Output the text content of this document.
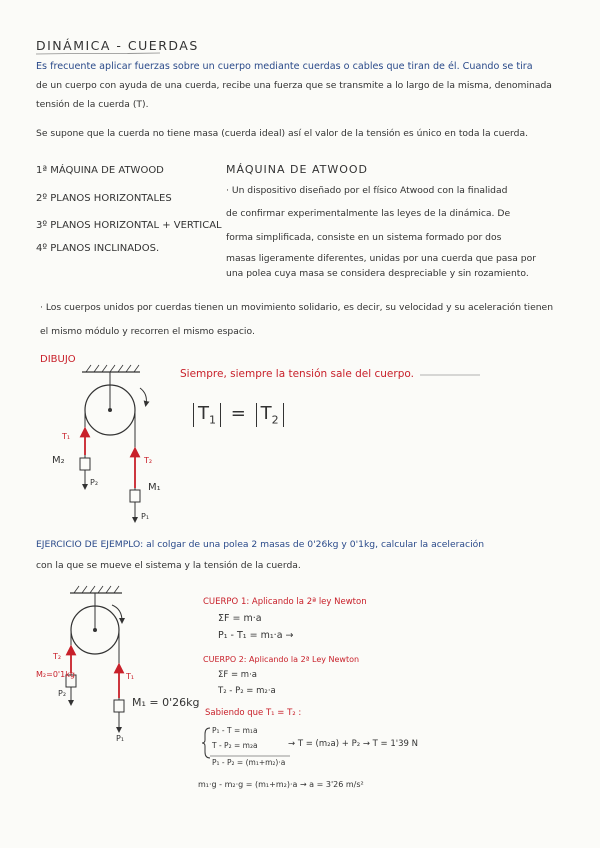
DINÁMICA - CUERDAS
Es frecuente aplicar fuerzas sobre un cuerpo mediante cuerdas o cables que tiran de él. Cuando se tira
de un cuerpo con ayuda de una cuerda, recibe una fuerza que se transmite a lo largo de la misma, denominada
tensión de la cuerda (T).
Se supone que la cuerda no tiene masa (cuerda ideal) así el valor de la tensión es único en toda la cuerda.
1ª MÁQUINA DE ATWOOD
2º PLANOS HORIZONTALES
3º PLANOS HORIZONTAL + VERTICAL
4º PLANOS INCLINADOS.
MÁQUINA DE ATWOOD
· Un dispositivo diseñado por el físico Atwood con la finalidad
de confirmar experimentalmente las leyes de la dinámica. De
forma simplificada, consiste en un sistema formado por dos
masas ligeramente diferentes, unidas por una cuerda que pasa por
una polea cuya masa se considera despreciable y sin rozamiento.
· Los cuerpos unidos por cuerdas tienen un movimiento solidario, es decir, su velocidad y su aceleración tienen
el mismo módulo y recorren el mismo espacio.
DIBUJO
Siempre, siempre la tensión sale del cuerpo.
$T_1 = T_2$
T₁
T₂
M₂
M₁
P₂
P₁
EJERCICIO DE EJEMPLO: al colgar de una polea 2 masas de 0'26kg y 0'1kg, calcular la aceleración
con la que se mueve el sistema y la tensión de la cuerda.
M₂=0'1kg
M₁ = 0'26kg
T₂
T₁
P₂
P₁
CUERPO 1: Aplicando la 2ª ley Newton
ΣF = m·a
P₁ - T₁ = m₁·a →
CUERPO 2: Aplicando la 2ª Ley Newton
ΣF = m·a
T₂ - P₂ = m₂·a
Sabiendo que T₁ = T₂ :
P₁ - T = m₁a
T - P₂ = m₂a	→ T = (m₂a) + P₂ → T = 1'39 N
P₁ - P₂ = (m₁+m₂)·a
m₁·g - m₂·g = (m₁+m₂)·a → a = 3'26 m/s²
